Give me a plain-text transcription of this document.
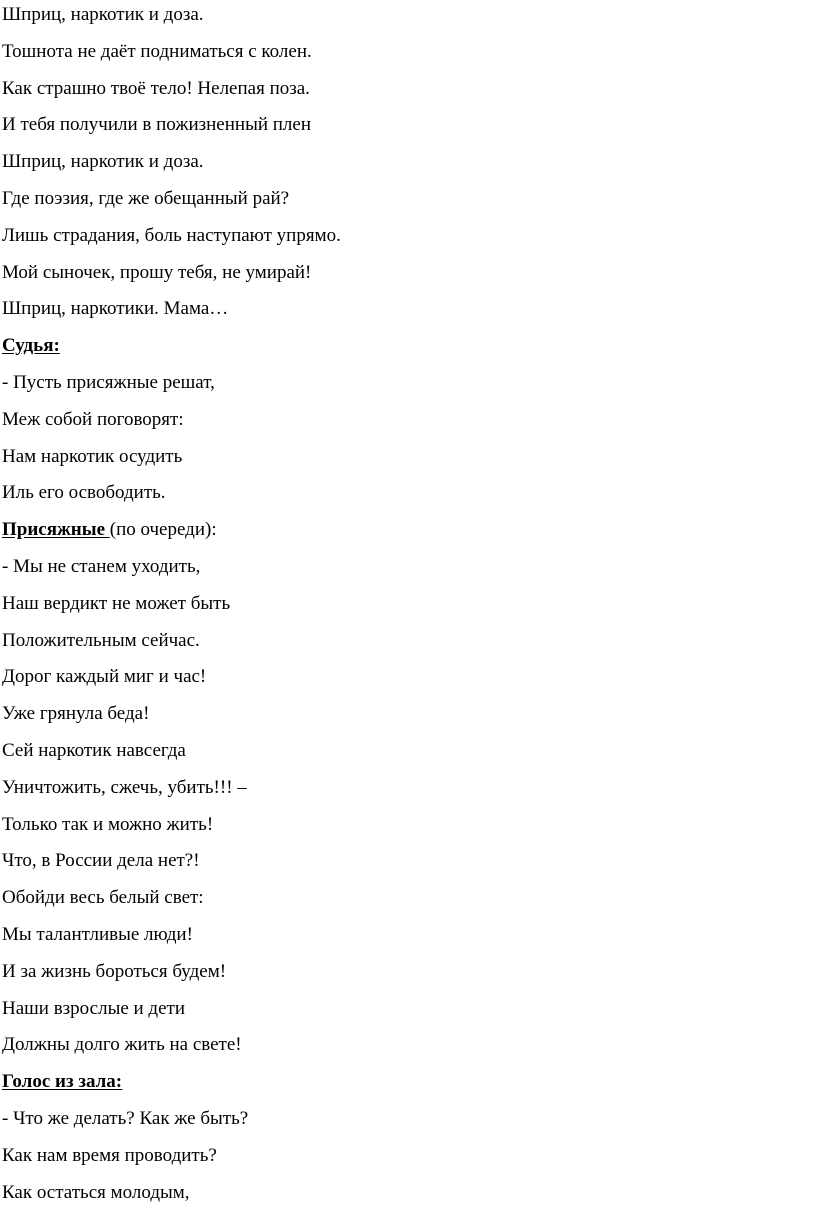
Шприц, наркотик и доза.
Тошнота не даёт подниматься с колен.
Как страшно твоё тело! Нелепая поза.
И тебя получили в пожизненный плен
Шприц, наркотик и доза.
Где поэзия, где же обещанный рай?
Лишь страдания, боль наступают упрямо.
Мой сыночек, прошу тебя, не умирай!
Шприц, наркотики. Мама…
Судья:
- Пусть присяжные решат,
Меж собой поговорят:
Нам наркотик осудить
Иль его освободить.
Присяжные (по очереди):
- Мы не станем уходить,
Наш вердикт не может быть
Положительным сейчас.
Дорог каждый миг и час!
Уже грянула беда!
Сей наркотик навсегда
Уничтожить, сжечь, убить!!! –
Только так и можно жить!
Что, в России дела нет?!
Обойди весь белый свет:
Мы талантливые люди!
И за жизнь бороться будем!
Наши взрослые и дети
Должны долго жить на свете!
Голос из зала:
- Что же делать? Как же быть?
Как нам время проводить?
Как остаться молодым,
